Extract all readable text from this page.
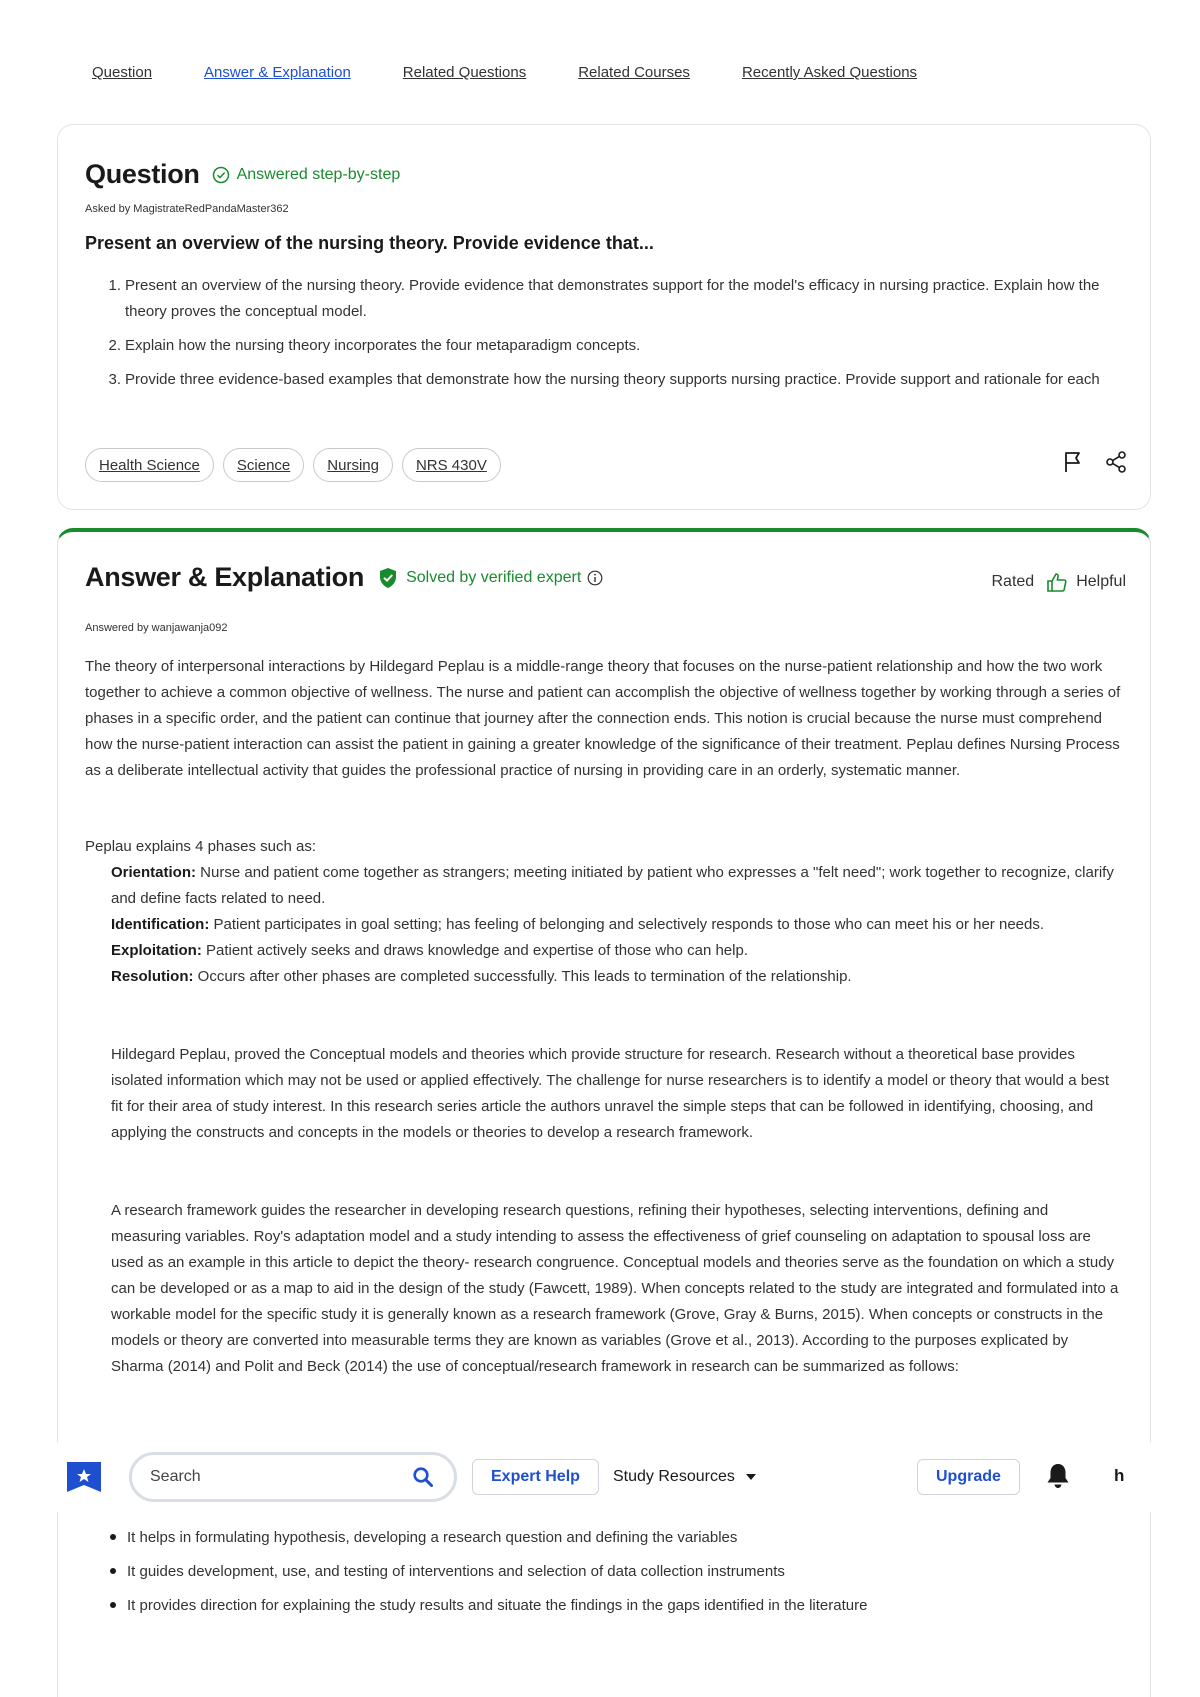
Question	Answer & Explanation	Related Questions	Related Courses	Recently Asked Questions
Question Answered step-by-step
Asked by MagistrateRedPandaMaster362
Present an overview of the nursing theory. Provide evidence that...
1. Present an overview of the nursing theory. Provide evidence that demonstrates support for the model's efficacy in nursing practice. Explain how the theory proves the conceptual model.
2. Explain how the nursing theory incorporates the four metaparadigm concepts.
3. Provide three evidence-based examples that demonstrate how the nursing theory supports nursing practice. Provide support and rationale for each
Health Science	Science	Nursing	NRS 430V
Answer & Explanation	Solved by verified expert	Rated	Helpful
Answered by wanjawanja092

The theory of interpersonal interactions by Hildegard Peplau is a middle-range theory that focuses on the nurse-patient relationship and how the two work together to achieve a common objective of wellness. The nurse and patient can accomplish the objective of wellness together by working through a series of phases in a specific order, and the patient can continue that journey after the connection ends. This notion is crucial because the nurse must comprehend how the nurse-patient interaction can assist the patient in gaining a greater knowledge of the significance of their treatment. Peplau defines Nursing Process as a deliberate intellectual activity that guides the professional practice of nursing in providing care in an orderly, systematic manner.

Peplau explains 4 phases such as:

Orientation: Nurse and patient come together as strangers; meeting initiated by patient who expresses a "felt need"; work together to recognize, clarify and define facts related to need.
Identification: Patient participates in goal setting; has feeling of belonging and selectively responds to those who can meet his or her needs.
Exploitation: Patient actively seeks and draws knowledge and expertise of those who can help.
Resolution: Occurs after other phases are completed successfully. This leads to termination of the relationship.

Hildegard Peplau, proved the Conceptual models and theories which provide structure for research. Research without a theoretical base provides isolated information which may not be used or applied effectively. The challenge for nurse researchers is to identify a model or theory that would a best fit for their area of study interest. In this research series article the authors unravel the simple steps that can be followed in identifying, choosing, and applying the constructs and concepts in the models or theories to develop a research framework.

A research framework guides the researcher in developing research questions, refining their hypotheses, selecting interventions, defining and measuring variables. Roy's adaptation model and a study intending to assess the effectiveness of grief counseling on adaptation to spousal loss are used as an example in this article to depict the theory- research congruence. Conceptual models and theories serve as the foundation on which a study can be developed or as a map to aid in the design of the study (Fawcett, 1989). When concepts related to the study are integrated and formulated into a workable model for the specific study it is generally known as a research framework (Grove, Gray & Burns, 2015). When concepts or constructs in the models or theory are converted into measurable terms they are known as variables (Grove et al., 2013). According to the purposes explicated by Sharma (2014) and Polit and Beck (2014) the use of conceptual/research framework in research can be summarized as follows:

Search
Expert Help	Study Resources	Upgrade	h
It helps in formulating hypothesis, developing a research question and defining the variables
It guides development, use, and testing of interventions and selection of data collection instruments
It provides direction for explaining the study results and situate the findings in the gaps identified in the literature
